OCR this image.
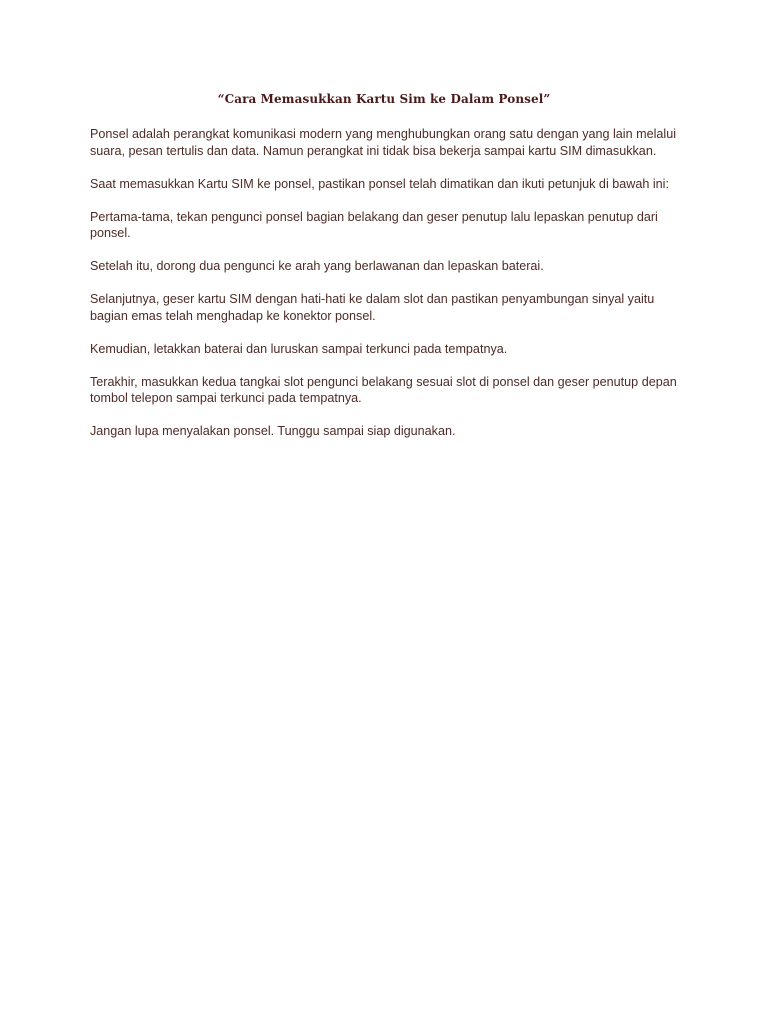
“Cara Memasukkan Kartu Sim ke Dalam Ponsel”

Ponsel adalah perangkat komunikasi modern yang menghubungkan orang satu dengan yang lain melalui suara, pesan tertulis dan data. Namun perangkat ini tidak bisa bekerja sampai kartu SIM dimasukkan.

Saat memasukkan Kartu SIM ke ponsel, pastikan ponsel telah dimatikan dan ikuti petunjuk di bawah ini:

Pertama-tama, tekan pengunci ponsel bagian belakang dan geser penutup lalu lepaskan penutup dari ponsel.

Setelah itu, dorong dua pengunci ke arah yang berlawanan dan lepaskan baterai.

Selanjutnya, geser kartu SIM dengan hati-hati ke dalam slot dan pastikan penyambungan sinyal yaitu bagian emas telah menghadap ke konektor ponsel.

Kemudian, letakkan baterai dan luruskan sampai terkunci pada tempatnya.

Terakhir, masukkan kedua tangkai slot pengunci belakang sesuai slot di ponsel dan geser penutup depan tombol telepon sampai terkunci pada tempatnya.

Jangan lupa menyalakan ponsel. Tunggu sampai siap digunakan.
